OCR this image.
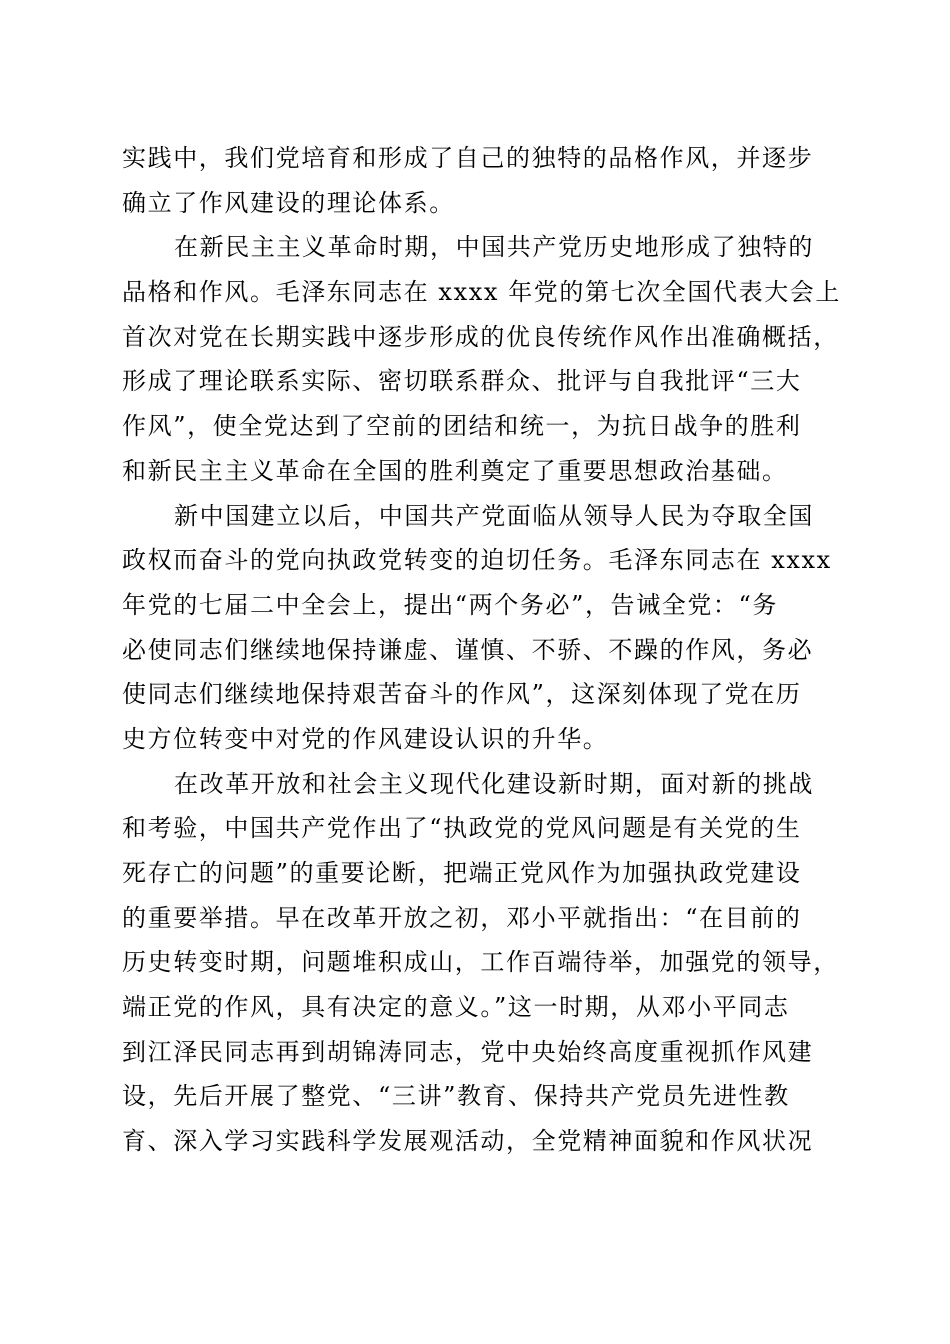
实践中，我们党培育和形成了自己的独特的品格作风，并逐步
确立了作风建设的理论体系。
在新民主主义革命时期，中国共产党历史地形成了独特的
品格和作风。毛泽东同志在 xxxx 年党的第七次全国代表大会上
首次对党在长期实践中逐步形成的优良传统作风作出准确概括，
形成了理论联系实际、密切联系群众、批评与自我批评“三大
作风”，使全党达到了空前的团结和统一，为抗日战争的胜利
和新民主主义革命在全国的胜利奠定了重要思想政治基础。
新中国建立以后，中国共产党面临从领导人民为夺取全国
政权而奋斗的党向执政党转变的迫切任务。毛泽东同志在 xxxx
年党的七届二中全会上，提出“两个务必”，告诫全党：“务
必使同志们继续地保持谦虚、谨慎、不骄、不躁的作风，务必
使同志们继续地保持艰苦奋斗的作风”，这深刻体现了党在历
史方位转变中对党的作风建设认识的升华。
在改革开放和社会主义现代化建设新时期，面对新的挑战
和考验，中国共产党作出了“执政党的党风问题是有关党的生
死存亡的问题”的重要论断，把端正党风作为加强执政党建设
的重要举措。早在改革开放之初，邓小平就指出：“在目前的
历史转变时期，问题堆积成山，工作百端待举，加强党的领导，
端正党的作风，具有决定的意义。”这一时期，从邓小平同志
到江泽民同志再到胡锦涛同志，党中央始终高度重视抓作风建
设，先后开展了整党、“三讲”教育、保持共产党员先进性教
育、深入学习实践科学发展观活动，全党精神面貌和作风状况
